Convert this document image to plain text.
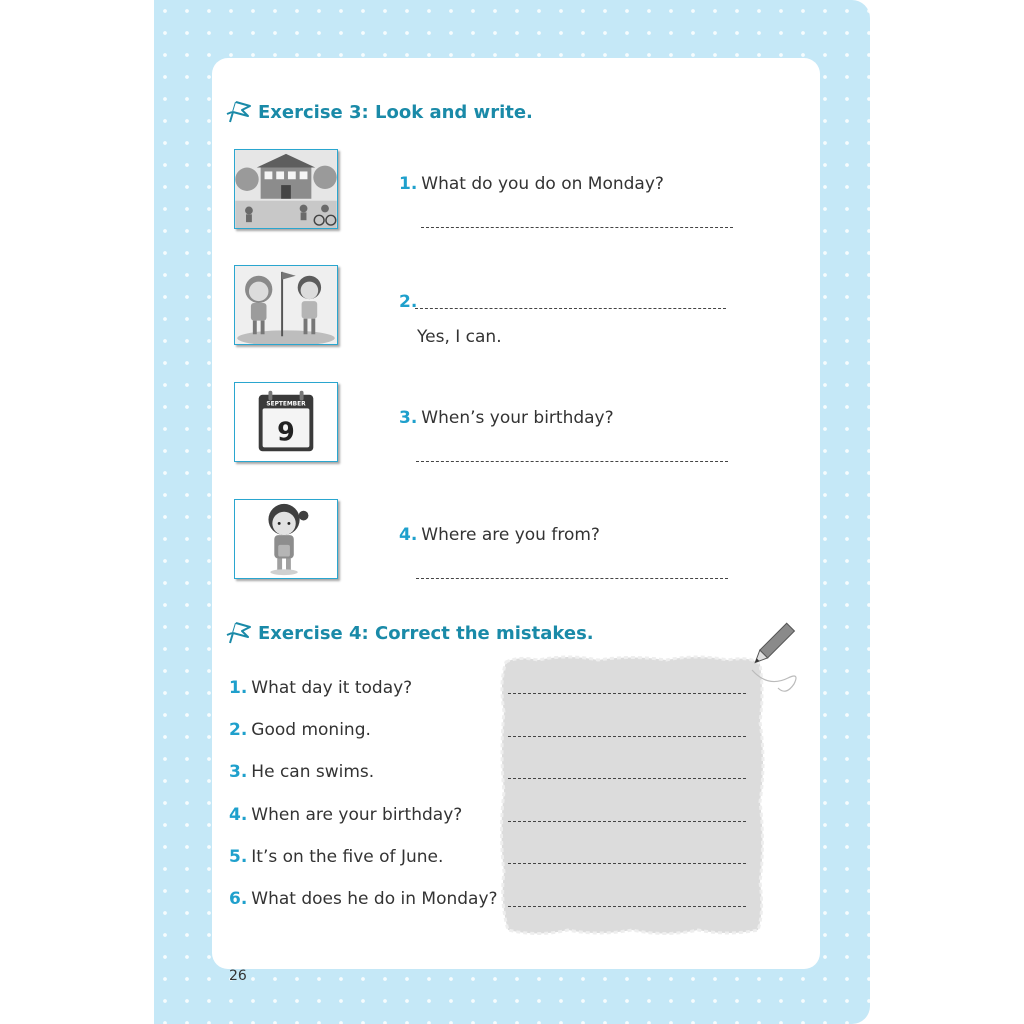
Exercise 3: Look and write.
SEPTEMBER
9
1. What do you do on Monday?
2.
Yes, I can.
3. When’s your birthday?
4. Where are you from?
Exercise 4: Correct the mistakes.
1. What day it today?
2. Good moning.
3. He can swims.
4. When are your birthday?
5. It’s on the five of June.
6. What does he do in Monday?
26
